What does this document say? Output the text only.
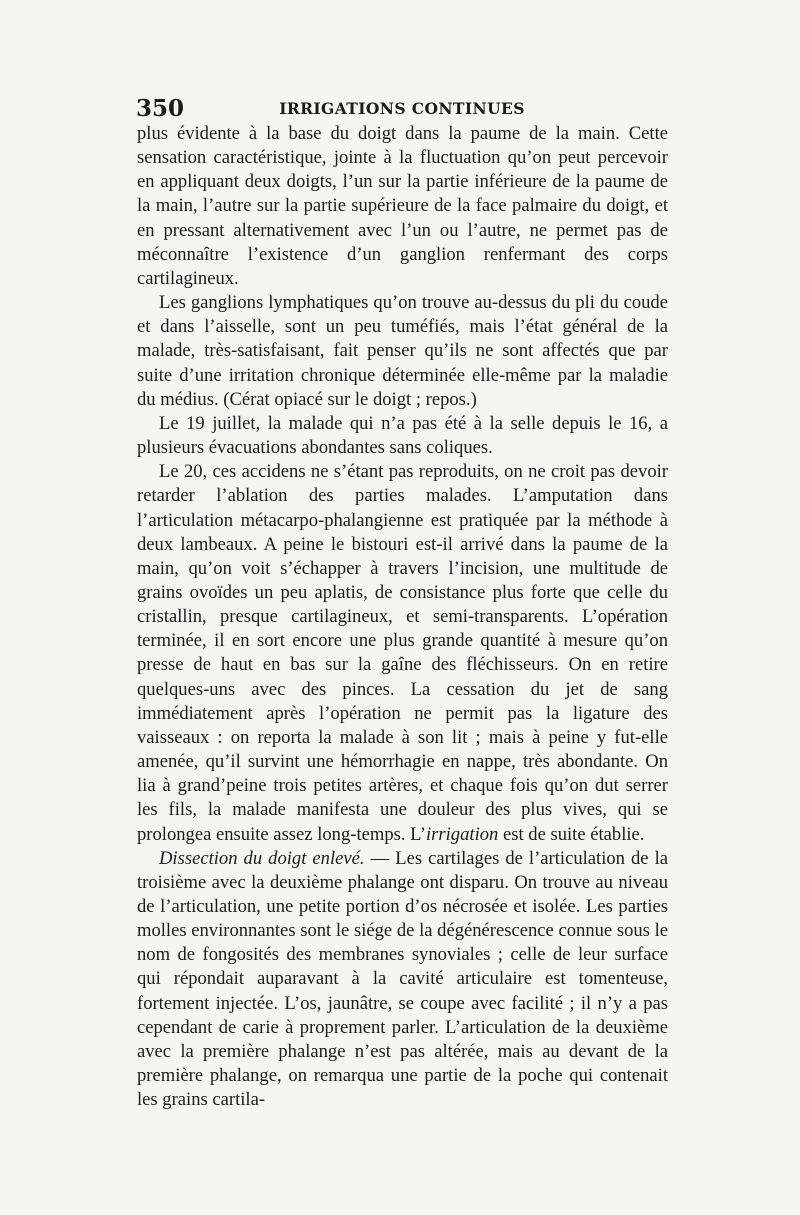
350	IRRIGATIONS CONTINUES

plus évidente à la base du doigt dans la paume de la main. Cette sensation caractéristique, jointe à la fluctuation qu’on peut percevoir en appliquant deux doigts, l’un sur la partie inférieure de la paume de la main, l’autre sur la partie supérieure de la face palmaire du doigt, et en pressant alternativement avec l’un ou l’autre, ne permet pas de méconnaître l’existence d’un ganglion renfermant des corps cartilagineux.

Les ganglions lymphatiques qu’on trouve au-dessus du pli du coude et dans l’aisselle, sont un peu tuméfiés, mais l’état général de la malade, très-satisfaisant, fait penser qu’ils ne sont affectés que par suite d’une irritation chronique déterminée elle-même par la maladie du médius. (Cérat opiacé sur le doigt ; repos.)

Le 19 juillet, la malade qui n’a pas été à la selle depuis le 16, a plusieurs évacuations abondantes sans coliques.

Le 20, ces accidens ne s’étant pas reproduits, on ne croit pas devoir retarder l’ablation des parties malades. L’amputation dans l’articulation métacarpo-phalangienne est pratiquée par la méthode à deux lambeaux. A peine le bistouri est-il arrivé dans la paume de la main, qu’on voit s’échapper à travers l’incision, une multitude de grains ovoïdes un peu aplatis, de consistance plus forte que celle du cristallin, presque cartilagineux, et semi-transparents. L’opération terminée, il en sort encore une plus grande quantité à mesure qu’on presse de haut en bas sur la gaîne des fléchisseurs. On en retire quelques-uns avec des pinces. La cessation du jet de sang immédiatement après l’opération ne permit pas la ligature des vaisseaux : on reporta la malade à son lit ; mais à peine y fut-elle amenée, qu’il survint une hémorrhagie en nappe, très abondante. On lia à grand’peine trois petites artères, et chaque fois qu’on dut serrer les fils, la malade manifesta une douleur des plus vives, qui se prolongea ensuite assez long-temps. L’irrigation est de suite établie.

Dissection du doigt enlevé. — Les cartilages de l’articulation de la troisième avec la deuxième phalange ont disparu. On trouve au niveau de l’articulation, une petite portion d’os nécrosée et isolée. Les parties molles environnantes sont le siége de la dégénérescence connue sous le nom de fongosités des membranes synoviales ; celle de leur surface qui répondait auparavant à la cavité articulaire est tomenteuse, fortement injectée. L’os, jaunâtre, se coupe avec facilité ; il n’y a pas cependant de carie à proprement parler. L’articulation de la deuxième avec la première phalange n’est pas altérée, mais au devant de la première phalange, on remarqua une partie de la poche qui contenait les grains cartila-
